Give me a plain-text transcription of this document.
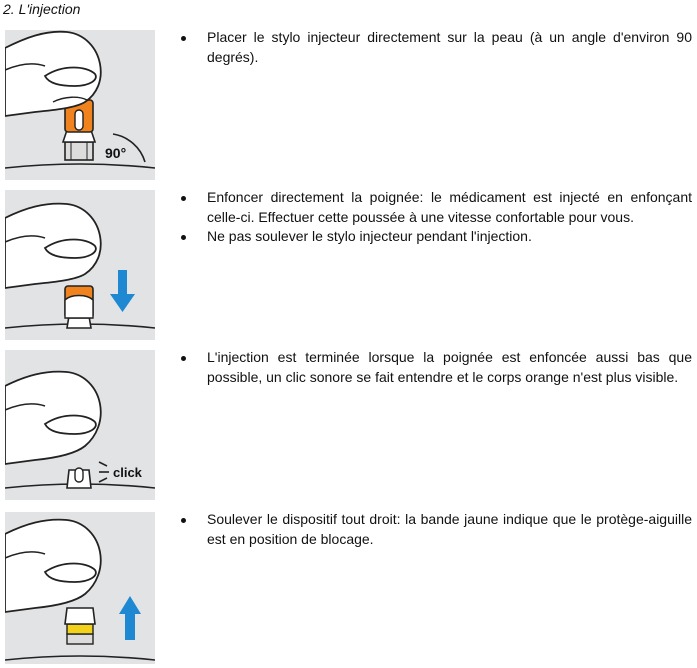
2. L'injection
90°
Placer le stylo injecteur directement sur la peau (à un angle d'environ 90 degrés).
Enfoncer directement la poignée: le médicament est injecté en enfonçant celle-ci. Effectuer cette poussée à une vitesse confortable pour vous.
Ne pas soulever le stylo injecteur pendant l'injection.
click
L'injection est terminée lorsque la poignée est enfoncée aussi bas que possible, un clic sonore se fait entendre et le corps orange n'est plus visible.
Soulever le dispositif tout droit: la bande jaune indique que le protège-aiguille est en position de blocage.
